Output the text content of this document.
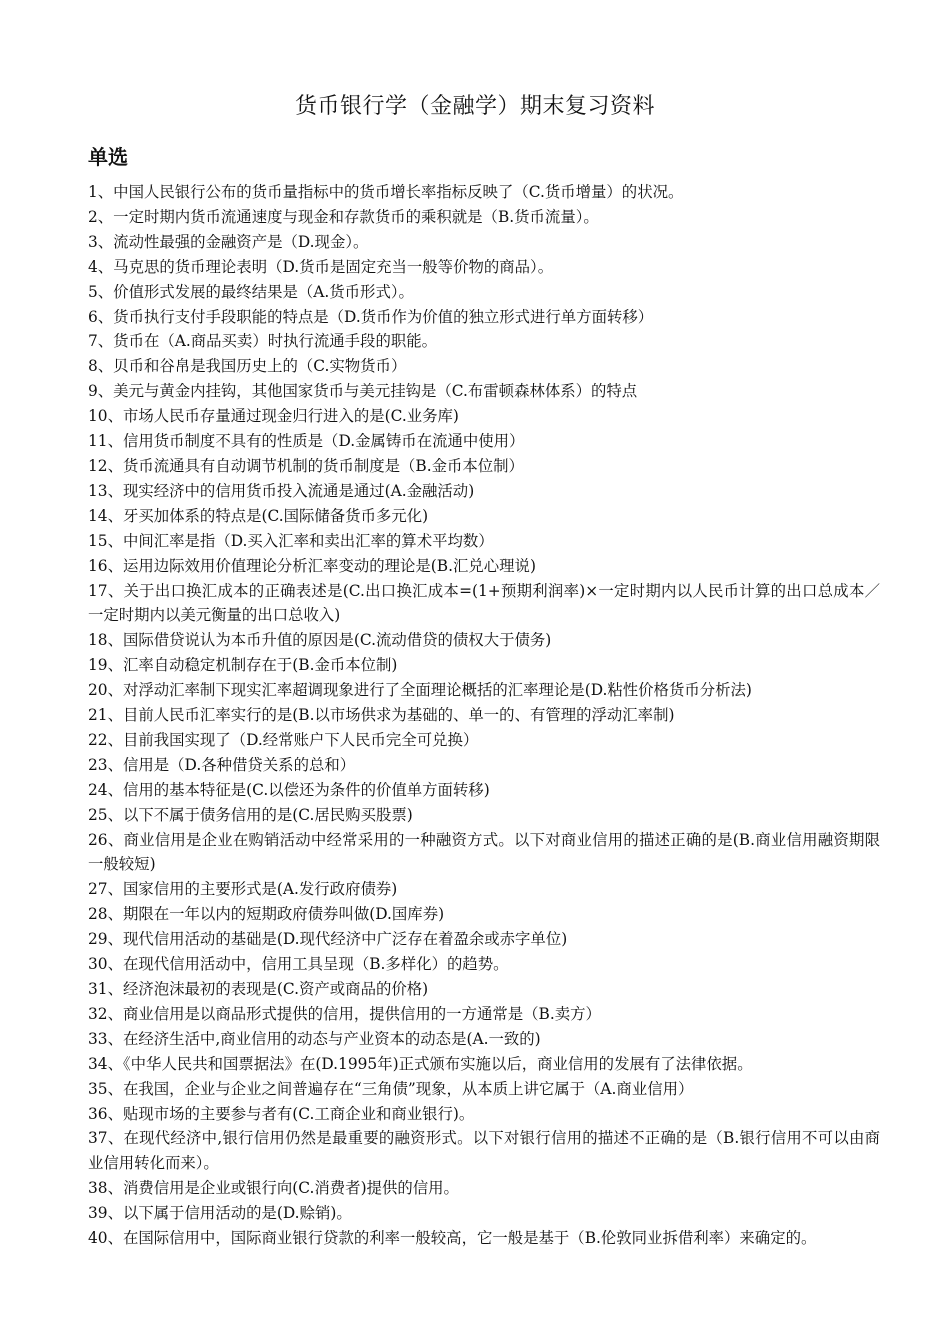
货币银行学（金融学）期末复习资料
单选
1、中国人民银行公布的货币量指标中的货币增长率指标反映了（C.货币增量）的状况。
2、一定时期内货币流通速度与现金和存款货币的乘积就是（B.货币流量）。
3、流动性最强的金融资产是（D.现金）。
4、马克思的货币理论表明（D.货币是固定充当一般等价物的商品）。
5、价值形式发展的最终结果是（A.货币形式）。
6、货币执行支付手段职能的特点是（D.货币作为价值的独立形式进行单方面转移）
7、货币在（A.商品买卖）时执行流通手段的职能。
8、贝币和谷帛是我国历史上的（C.实物货币）
9、美元与黄金内挂钩，其他国家货币与美元挂钩是（C.布雷顿森林体系）的特点
10、市场人民币存量通过现金归行进入的是(C.业务库)
11、信用货币制度不具有的性质是（D.金属铸币在流通中使用）
12、货币流通具有自动调节机制的货币制度是（B.金币本位制）
13、现实经济中的信用货币投入流通是通过(A.金融活动)
14、牙买加体系的特点是(C.国际储备货币多元化)
15、中间汇率是指（D.买入汇率和卖出汇率的算术平均数）
16、运用边际效用价值理论分析汇率变动的理论是(B.汇兑心理说)
17、关于出口换汇成本的正确表述是(C.出口换汇成本=(1+预期利润率)×一定时期内以人民币计算的出口总成本／一定时期内以美元衡量的出口总收入)
18、国际借贷说认为本币升值的原因是(C.流动借贷的债权大于债务)
19、汇率自动稳定机制存在于(B.金币本位制)
20、对浮动汇率制下现实汇率超调现象进行了全面理论概括的汇率理论是(D.粘性价格货币分析法)
21、目前人民币汇率实行的是(B.以市场供求为基础的、单一的、有管理的浮动汇率制)
22、目前我国实现了（D.经常账户下人民币完全可兑换）
23、信用是（D.各种借贷关系的总和）
24、信用的基本特征是(C.以偿还为条件的价值单方面转移)
25、以下不属于债务信用的是(C.居民购买股票)
26、商业信用是企业在购销活动中经常采用的一种融资方式。以下对商业信用的描述正确的是(B.商业信用融资期限一般较短)
27、国家信用的主要形式是(A.发行政府债券)
28、期限在一年以内的短期政府债券叫做(D.国库券)
29、现代信用活动的基础是(D.现代经济中广泛存在着盈余或赤字单位)
30、在现代信用活动中，信用工具呈现（B.多样化）的趋势。
31、经济泡沫最初的表现是(C.资产或商品的价格)
32、商业信用是以商品形式提供的信用，提供信用的一方通常是（B.卖方）
33、在经济生活中,商业信用的动态与产业资本的动态是(A.一致的)
34、《中华人民共和国票据法》在(D.1995年)正式颁布实施以后，商业信用的发展有了法律依据。
35、在我国，企业与企业之间普遍存在“三角债”现象，从本质上讲它属于（A.商业信用）
36、贴现市场的主要参与者有(C.工商企业和商业银行)。
37、在现代经济中,银行信用仍然是最重要的融资形式。以下对银行信用的描述不正确的是（B.银行信用不可以由商业信用转化而来）。
38、消费信用是企业或银行向(C.消费者)提供的信用。
39、以下属于信用活动的是(D.赊销)。
40、在国际信用中，国际商业银行贷款的利率一般较高，它一般是基于（B.伦敦同业拆借利率）来确定的。
